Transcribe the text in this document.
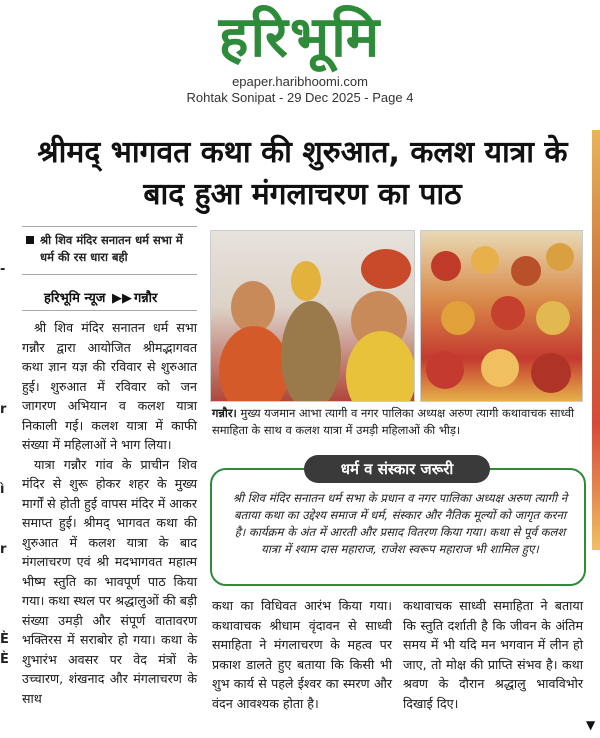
हरिभूमि
epaper.haribhoomi.com
Rohtak Sonipat - 29 Dec 2025 - Page 4
-
r
ì
r
È
È
▼
श्रीमद् भागवत कथा की शुरुआत, कलश यात्रा के बाद हुआ मंगलाचरण का पाठ
श्री शिव मंदिर सनातन धर्म सभा में धर्म की रस धारा बही
हरिभूमि न्यूज ▶▶ गन्नौर

श्री शिव मंदिर सनातन धर्म सभा गन्नौर द्वारा आयोजित श्रीमद्भागवत कथा ज्ञान यज्ञ की रविवार से शुरुआत हुई। शुरुआत में रविवार को जन जागरण अभियान व कलश यात्रा निकाली गई। कलश यात्रा में काफी संख्या में महिलाओं ने भाग लिया।

यात्रा गन्नौर गांव के प्राचीन शिव मंदिर से शुरू होकर शहर के मुख्य मार्गों से होती हुई वापस मंदिर में आकर समाप्त हुई। श्रीमद् भागवत कथा की शुरुआत में कलश यात्रा के बाद मंगलाचरण एवं श्री मदभागवत महात्म भीष्म स्तुति का भावपूर्ण पाठ किया गया। कथा स्थल पर श्रद्धालुओं की बड़ी संख्या उमड़ी और संपूर्ण वातावरण भक्तिरस में सराबोर हो गया। कथा के शुभारंभ अवसर पर वेद मंत्रों के उच्चारण, शंखनाद और मंगलाचरण के साथ

गन्नौर। मुख्य यजमान आभा त्यागी व नगर पालिका अध्यक्ष अरुण त्यागी कथावाचक साध्वी समाहिता के साथ व कलश यात्रा में उमड़ी महिलाओं की भीड़।
धर्म व संस्कार जरूरी
श्री शिव मंदिर सनातन धर्म सभा के प्रधान व नगर पालिका अध्यक्ष अरुण त्यागी ने बताया कथा का उद्देश्य समाज में धर्म, संस्कार और नैतिक मूल्यों को जागृत करना है। कार्यक्रम के अंत में आरती और प्रसाद वितरण किया गया। कथा से पूर्व कलश यात्रा में श्याम दास महाराज, राजेश स्वरूप महाराज भी शामिल हुए।

कथा का विधिवत आरंभ किया गया। कथावाचक श्रीधाम वृंदावन से साध्वी समाहिता ने मंगलाचरण के महत्व पर प्रकाश डालते हुए बताया कि किसी भी शुभ कार्य से पहले ईश्वर का स्मरण और वंदन आवश्यक होता है।

कथावाचक साध्वी समाहिता ने बताया कि स्तुति दर्शाती है कि जीवन के अंतिम समय में भी यदि मन भगवान में लीन हो जाए, तो मोक्ष की प्राप्ति संभव है। कथा श्रवण के दौरान श्रद्धालु भावविभोर दिखाई दिए।
